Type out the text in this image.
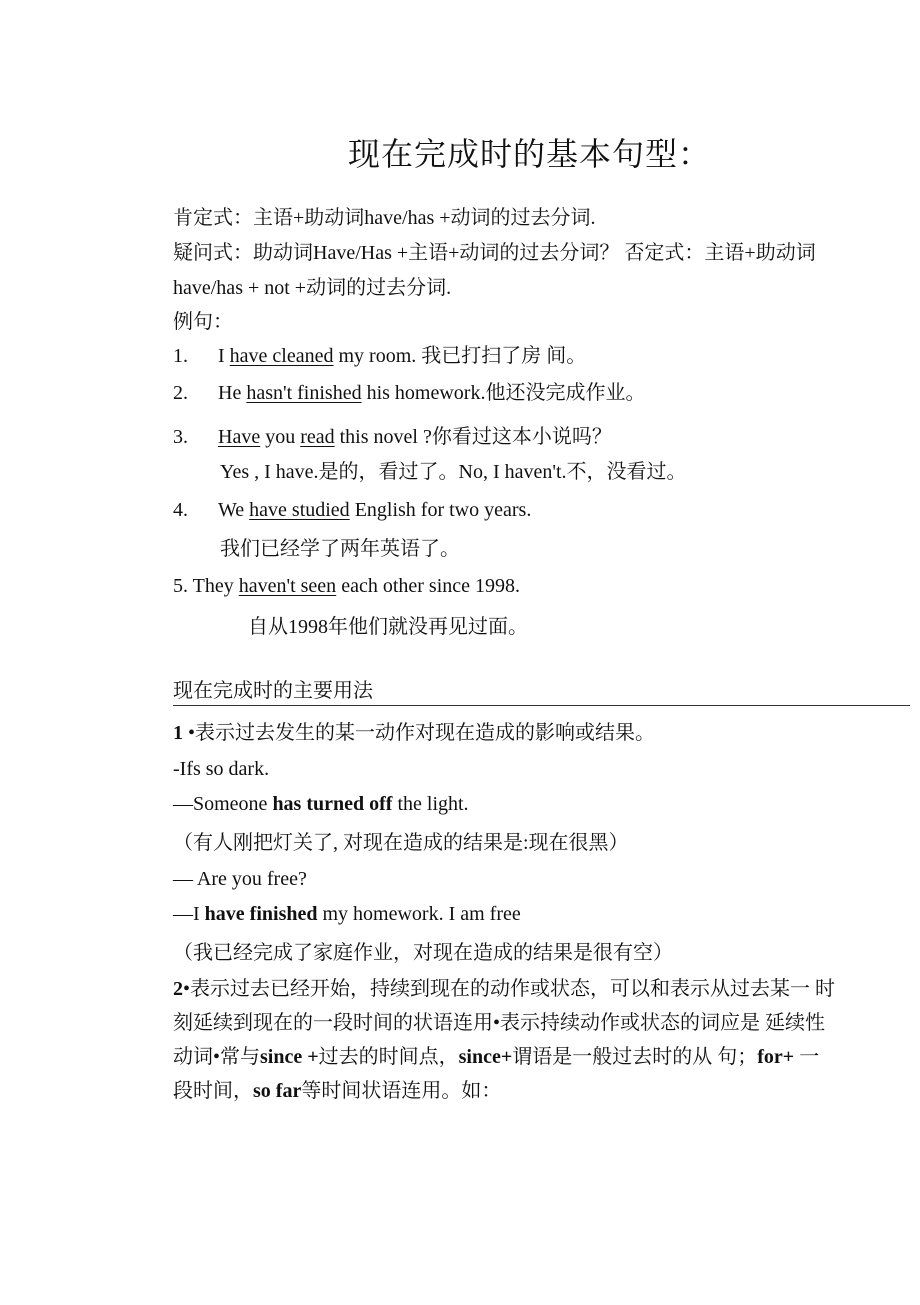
现在完成时的基本句型：
肯定式：主语+助动词have/has +动词的过去分词.
疑问式：助动词Have/Has +主语+动词的过去分词？ 否定式：主语+助动词
have/has + not +动词的过去分词.
例句：
1. I have cleaned my room. 我已打扫了房 间。
2. He hasn't finished his homework.他还没完成作业。
3. Have you read this novel ?你看过这本小说吗？
Yes , I have.是的，看过了。No, I haven't.不，没看过。
4. We have studied English for two years.
我们已经学了两年英语了。
5. They haven't seen each other since 1998.
自从1998年他们就没再见过面。
现在完成时的主要用法
1 •表示过去发生的某一动作对现在造成的影响或结果。
-Ifs so dark.
—Someone has turned off the light.
（有人刚把灯关了, 对现在造成的结果是:现在很黑）
— Are you free?
—I have finished my homework. I am free
（我已经完成了家庭作业，对现在造成的结果是很有空）
2•表示过去已经开始，持续到现在的动作或状态，可以和表示从过去某一 时
刻延续到现在的一段时间的状语连用•表示持续动作或状态的词应是 延续性
动词•常与since +过去的时间点，since+谓语是一般过去时的从 句；for+ 一
段时间，so far等时间状语连用。如：
